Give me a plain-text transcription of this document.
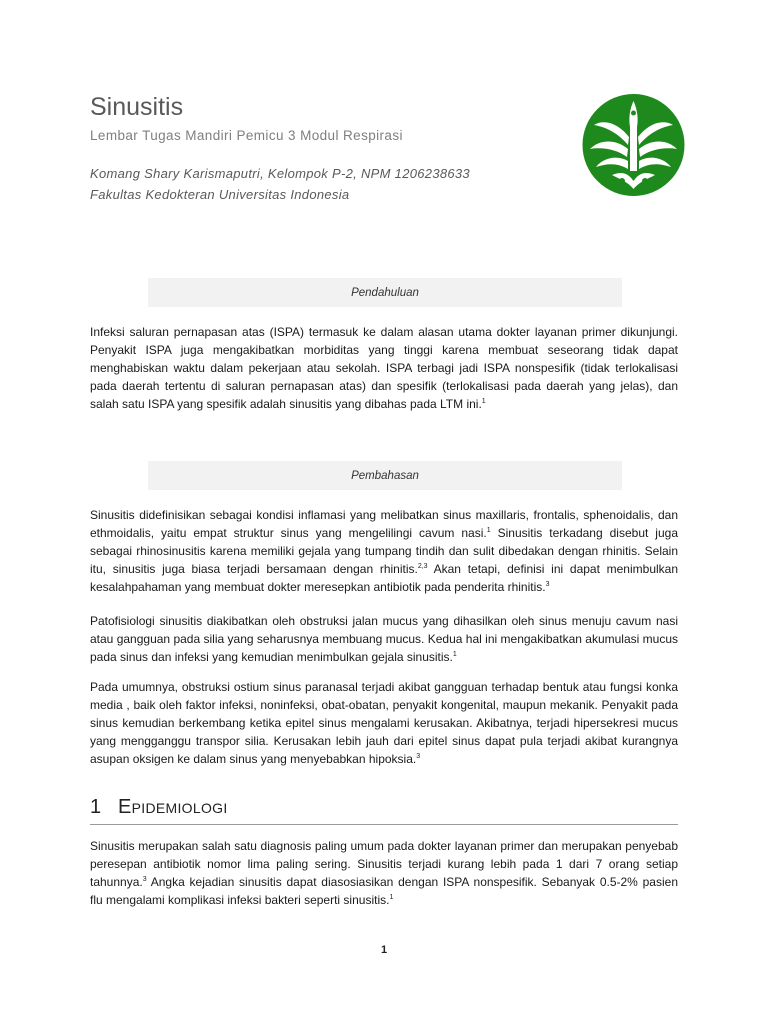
Sinusitis

Lembar Tugas Mandiri Pemicu 3 Modul Respirasi

Komang Shary Karismaputri, Kelompok P-2, NPM 1206238633

Fakultas Kedokteran Universitas Indonesia

Pendahuluan

Infeksi saluran pernapasan atas (ISPA) termasuk ke dalam alasan utama dokter layanan primer dikunjungi. Penyakit ISPA juga mengakibatkan morbiditas yang tinggi karena membuat seseorang tidak dapat menghabiskan waktu dalam pekerjaan atau sekolah. ISPA terbagi jadi ISPA nonspesifik (tidak terlokalisasi pada daerah tertentu di saluran pernapasan atas) dan spesifik (terlokalisasi pada daerah yang jelas), dan salah satu ISPA yang spesifik adalah sinusitis yang dibahas pada LTM ini.$^1$

Pembahasan

Sinusitis didefinisikan sebagai kondisi inflamasi yang melibatkan sinus maxillaris, frontalis, sphenoidalis, dan ethmoidalis, yaitu empat struktur sinus yang mengelilingi cavum nasi.$^1$ Sinusitis terkadang disebut juga sebagai rhinosinusitis karena memiliki gejala yang tumpang tindih dan sulit dibedakan dengan rhinitis. Selain itu, sinusitis juga biasa terjadi bersamaan dengan rhinitis.$^{2,3}$ Akan tetapi, definisi ini dapat menimbulkan kesalahpahaman yang membuat dokter meresepkan antibiotik pada penderita rhinitis.$^3$

Patofisiologi sinusitis diakibatkan oleh obstruksi jalan mucus yang dihasilkan oleh sinus menuju cavum nasi atau gangguan pada silia yang seharusnya membuang mucus. Kedua hal ini mengakibatkan akumulasi mucus pada sinus dan infeksi yang kemudian menimbulkan gejala sinusitis.$^1$

Pada umumnya, obstruksi ostium sinus paranasal terjadi akibat gangguan terhadap bentuk atau fungsi konka media , baik oleh faktor infeksi, noninfeksi, obat-obatan, penyakit kongenital, maupun mekanik. Penyakit pada sinus kemudian berkembang ketika epitel sinus mengalami kerusakan. Akibatnya, terjadi hipersekresi mucus yang mengganggu transpor silia. Kerusakan lebih jauh dari epitel sinus dapat pula terjadi akibat kurangnya asupan oksigen ke dalam sinus yang menyebabkan hipoksia.$^3$

1 Epidemiologi

Sinusitis merupakan salah satu diagnosis paling umum pada dokter layanan primer dan merupakan penyebab peresepan antibiotik nomor lima paling sering. Sinusitis terjadi kurang lebih pada 1 dari 7 orang setiap tahunnya.$^3$ Angka kejadian sinusitis dapat diasosiasikan dengan ISPA nonspesifik. Sebanyak 0.5-2% pasien flu mengalami komplikasi infeksi bakteri seperti sinusitis.$^1$

1
